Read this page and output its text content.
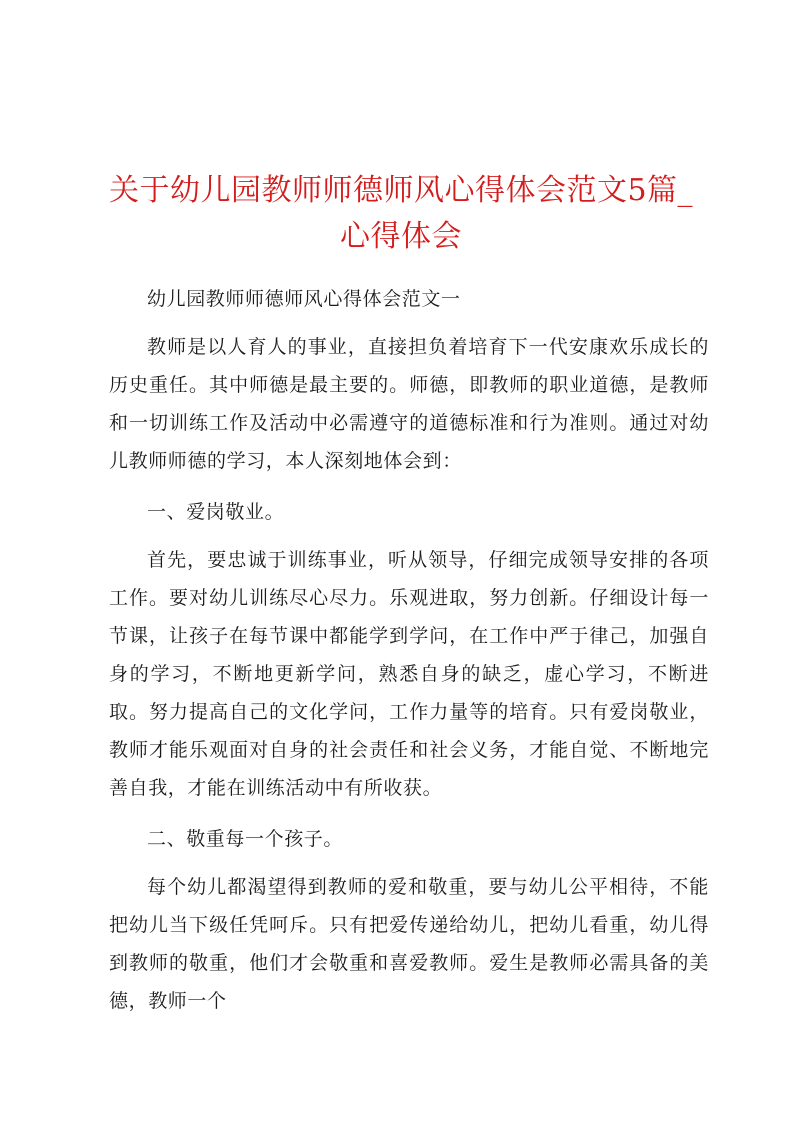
关于幼儿园教师师德师风心得体会范文5篇_心得体会

幼儿园教师师德师风心得体会范文一

教师是以人育人的事业，直接担负着培育下一代安康欢乐成长的历史重任。其中师德是最主要的。师德，即教师的职业道德，是教师和一切训练工作及活动中必需遵守的道德标准和行为准则。通过对幼儿教师师德的学习，本人深刻地体会到：

一、爱岗敬业。

首先，要忠诚于训练事业，听从领导，仔细完成领导安排的各项工作。要对幼儿训练尽心尽力。乐观进取，努力创新。仔细设计每一节课，让孩子在每节课中都能学到学问，在工作中严于律己，加强自身的学习，不断地更新学问，熟悉自身的缺乏，虚心学习，不断进取。努力提高自己的文化学问，工作力量等的培育。只有爱岗敬业，教师才能乐观面对自身的社会责任和社会义务，才能自觉、不断地完善自我，才能在训练活动中有所收获。

二、敬重每一个孩子。

每个幼儿都渴望得到教师的爱和敬重，要与幼儿公平相待，不能把幼儿当下级任凭呵斥。只有把爱传递给幼儿，把幼儿看重，幼儿得到教师的敬重，他们才会敬重和喜爱教师。爱生是教师必需具备的美德，教师一个
